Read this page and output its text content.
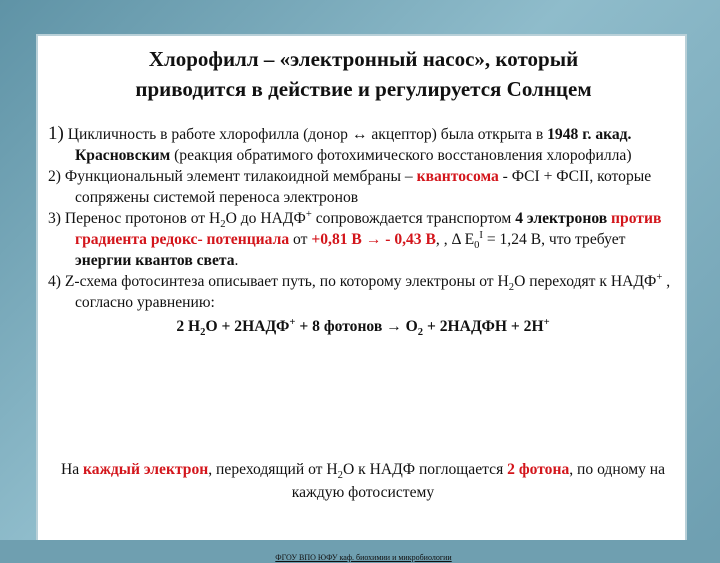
Хлорофилл – «электронный насос», который
приводится в действие и регулируется Солнцем

1) Цикличность в работе хлорофилла (донор ↔ акцептор) была открыта в 1948 г. акад. Красновским (реакция обратимого фотохимического восстановления хлорофилла)

2) Функциональный элемент тилакоидной мембраны – квантосома - ФСI + ФСII, которые сопряжены системой переноса электронов

3) Перенос протонов от $H_2O$ до НАДФ+ сопровождается транспортом 4 электронов против градиента редокс- потенциала от +0,81 В → - 0,43 В, , Δ $E_0^I = 1,24$ В, что требует энергии квантов света.

4) Z-схема фотосинтеза описывает путь, по которому электроны от $H_2O$ переходят к НАДФ+ , согласно уравнению:

2 $H_2O$ + 2НАДФ+ + 8 фотонов → $O_2$ + 2НАДФН + 2Н+
На каждый электрон, переходящий от $H_2O$ к НАДФ поглощается 2 фотона, по одному на каждую фотосистему
ФГОУ ВПО ЮФУ каф. биохимии и микробиологии
